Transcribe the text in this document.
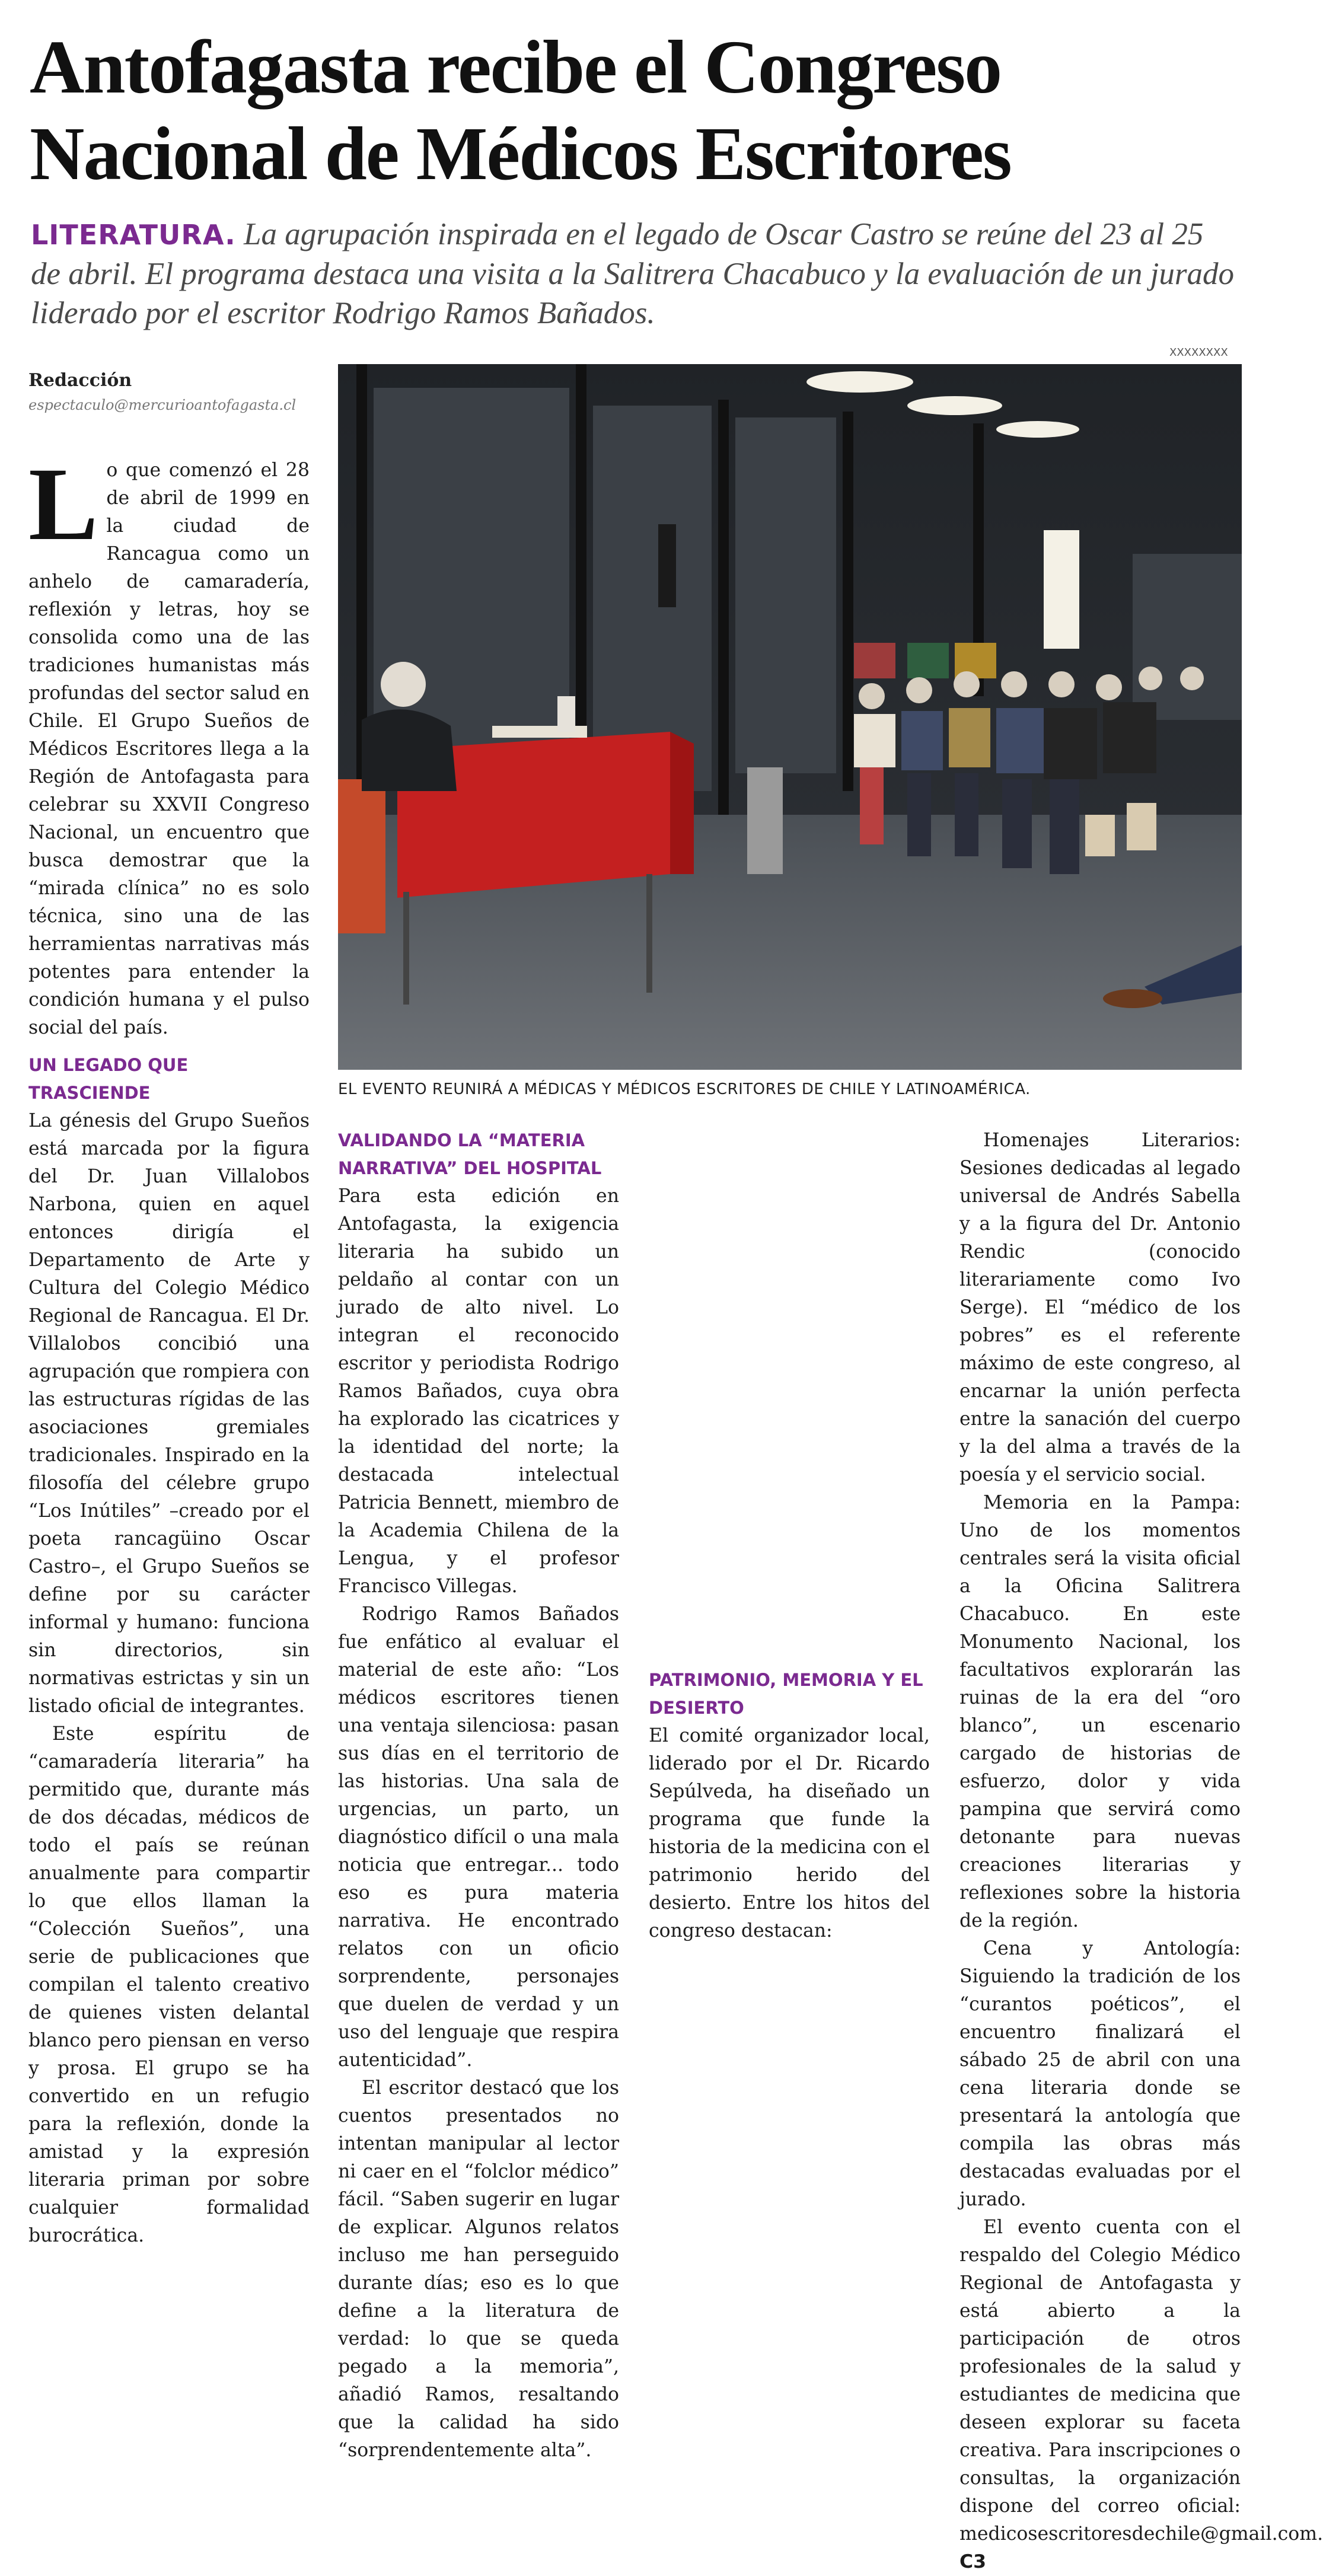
Antofagasta recibe el Congreso Nacional de Médicos Escritores

LITERATURA. La agrupación inspirada en el legado de Oscar Castro se reúne del 23 al 25 de abril. El programa destaca una visita a la Salitrera Chacabuco y la evaluación de un jurado liderado por el escritor Rodrigo Ramos Bañados.

Redacción
espectaculo@mercurioantofagasta.cl

Lo que comenzó el 28 de abril de 1999 en la ciudad de Rancagua como un anhelo de camaradería, reflexión y letras, hoy se consolida como una de las tradiciones humanistas más profundas del sector salud en Chile. El Grupo Sueños de Médicos Escritores llega a la Región de Antofagasta para celebrar su XXVII Congreso Nacional, un encuentro que busca demostrar que la “mirada clínica” no es solo técnica, sino una de las herramientas narrativas más potentes para entender la condición humana y el pulso social del país.

UN LEGADO QUE TRASCIENDE

La génesis del Grupo Sueños está marcada por la figura del Dr. Juan Villalobos Narbona, quien en aquel entonces dirigía el Departamento de Arte y Cultura del Colegio Médico Regional de Rancagua. El Dr. Villalobos concibió una agrupación que rompiera con las estructuras rígidas de las asociaciones gremiales tradicionales. Inspirado en la filosofía del célebre grupo “Los Inútiles” –creado por el poeta rancagüino Oscar Castro–, el Grupo Sueños se define por su carácter informal y humano: funciona sin directorios, sin normativas estrictas y sin un listado oficial de integrantes.

Este espíritu de “camaradería literaria” ha permitido que, durante más de dos décadas, médicos de todo el país se reúnan anualmente para compartir lo que ellos llaman la “Colección Sueños”, una serie de publicaciones que compilan el talento creativo de quienes visten delantal blanco pero piensan en verso y prosa. El grupo se ha convertido en un refugio para la reflexión, donde la amistad y la expresión literaria priman por sobre cualquier formalidad burocrática.

XXXXXXXX
EL EVENTO REUNIRÁ A MÉDICAS Y MÉDICOS ESCRITORES DE CHILE Y LATINOAMÉRICA.
VALIDANDO LA “MATERIA NARRATIVA” DEL HOSPITAL

Para esta edición en Antofagasta, la exigencia literaria ha subido un peldaño al contar con un jurado de alto nivel. Lo integran el reconocido escritor y periodista Rodrigo Ramos Bañados, cuya obra ha explorado las cicatrices y la identidad del norte; la destacada intelectual Patricia Bennett, miembro de la Academia Chilena de la Lengua, y el profesor Francisco Villegas.

Rodrigo Ramos Bañados fue enfático al evaluar el material de este año: “Los médicos escritores tienen una ventaja silenciosa: pasan sus días en el territorio de las historias. Una sala de urgencias, un parto, un diagnóstico difícil o una mala noticia que entregar... todo eso es pura materia narrativa. He encontrado relatos con un oficio sorprendente, personajes que duelen de verdad y un uso del lenguaje que respira autenticidad”.

El escritor destacó que los cuentos presentados no intentan manipular al lector ni caer en el “folclor médico” fácil. “Saben sugerir en lugar de explicar. Algunos relatos incluso me han perseguido durante días; eso es lo que define a la literatura de verdad: lo que se queda pegado a la memoria”, añadió Ramos, resaltando que la calidad ha sido “sorprendentemente alta”.

PATRIMONIO, MEMORIA Y EL DESIERTO

El comité organizador local, liderado por el Dr. Ricardo Sepúlveda, ha diseñado un programa que funde la historia de la medicina con el patrimonio herido del desierto. Entre los hitos del congreso destacan:

Homenajes Literarios: Sesiones dedicadas al legado universal de Andrés Sabella y a la figura del Dr. Antonio Rendic (conocido literariamente como Ivo Serge). El “médico de los pobres” es el referente máximo de este congreso, al encarnar la unión perfecta entre la sanación del cuerpo y la del alma a través de la poesía y el servicio social.

Memoria en la Pampa: Uno de los momentos centrales será la visita oficial a la Oficina Salitrera Chacabuco. En este Monumento Nacional, los facultativos explorarán las ruinas de la era del “oro blanco”, un escenario cargado de historias de esfuerzo, dolor y vida pampina que servirá como detonante para nuevas creaciones literarias y reflexiones sobre la historia de la región.

Cena y Antología: Siguiendo la tradición de los “curantos poéticos”, el encuentro finalizará el sábado 25 de abril con una cena literaria donde se presentará la antología que compila las obras más destacadas evaluadas por el jurado.

El evento cuenta con el respaldo del Colegio Médico Regional de Antofagasta y está abierto a la participación de otros profesionales de la salud y estudiantes de medicina que deseen explorar su faceta creativa. Para inscripciones o consultas, la organización dispone del correo oficial: medicosescritoresdechile@gmail.com. C3
